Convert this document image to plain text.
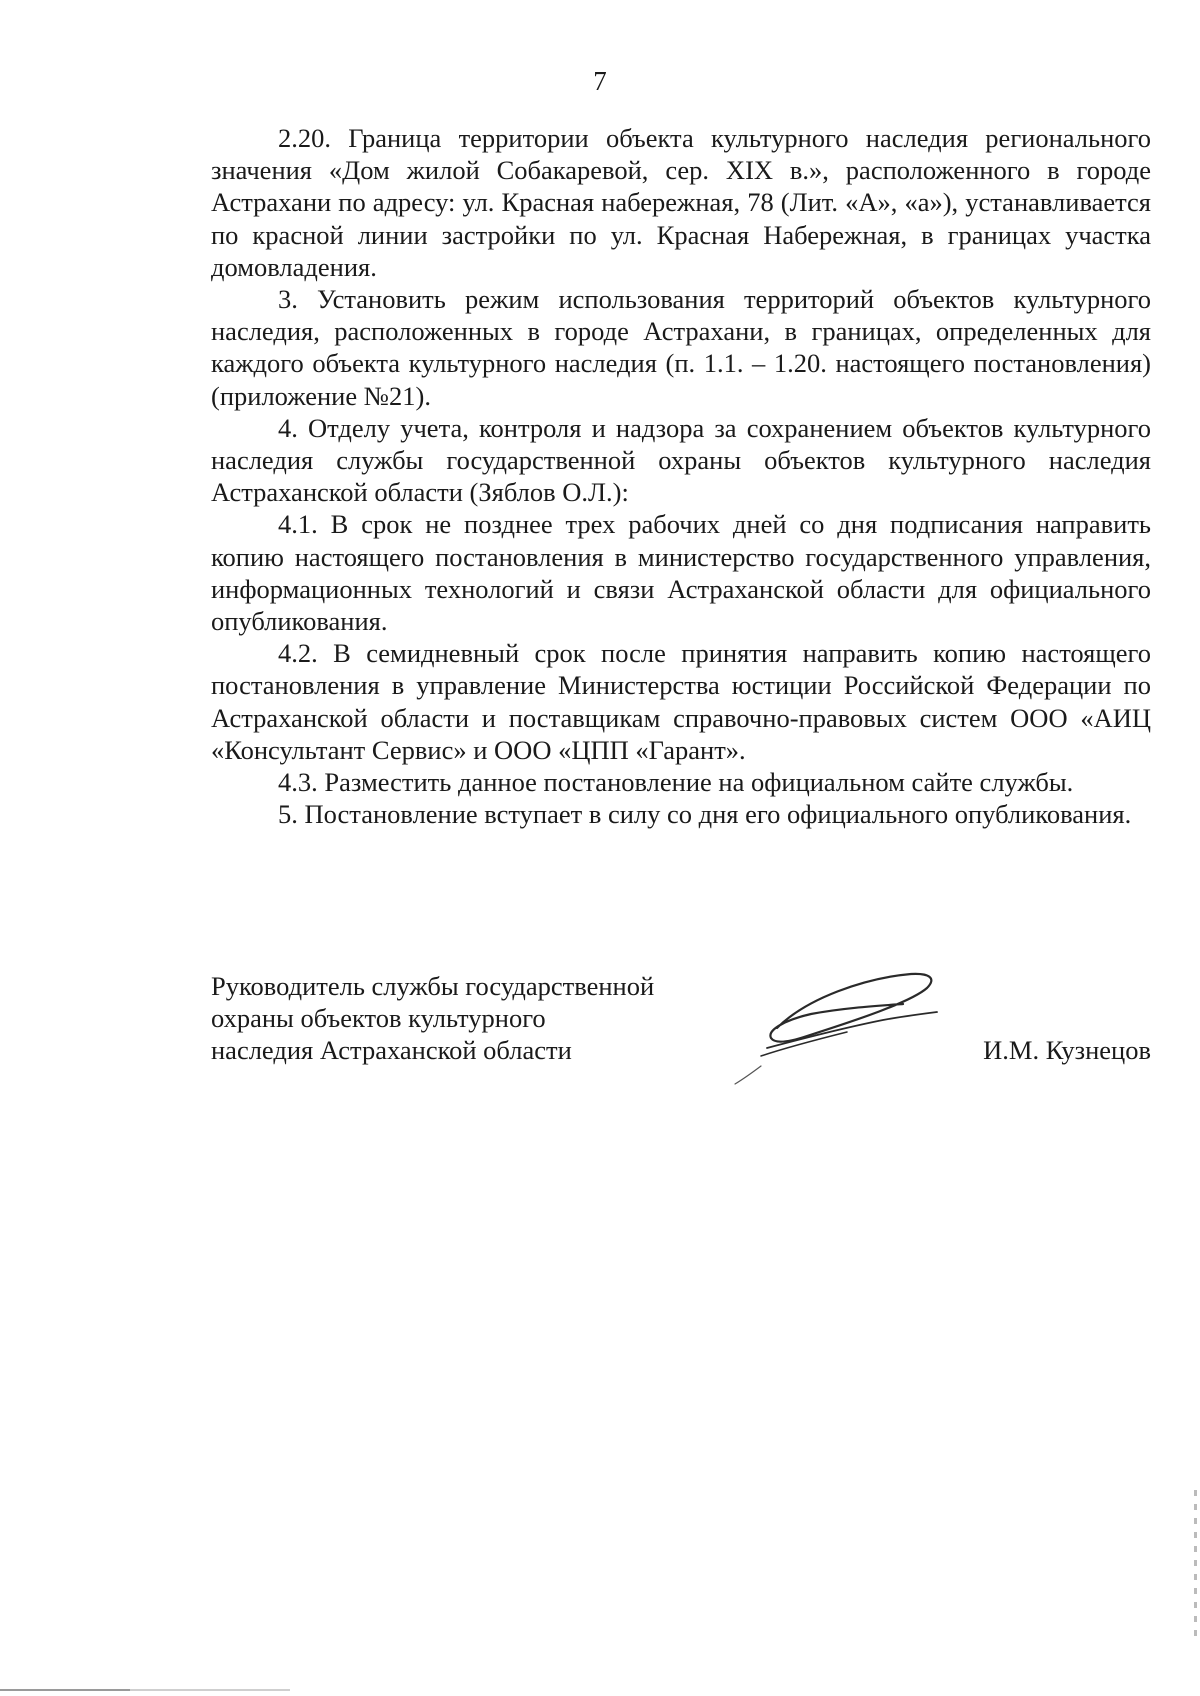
7

2.20. Граница территории объекта культурного наследия регионального значения «Дом жилой Собакаревой, сер. XIX в.», расположенного в городе Астрахани по адресу: ул. Красная набережная, 78 (Лит. «А», «а»), устанавливается по красной линии застройки по ул. Красная Набережная, в границах участка домовладения.

3. Установить режим использования территорий объектов культурного наследия, расположенных в городе Астрахани, в границах, определенных для каждого объекта культурного наследия (п. 1.1. – 1.20. настоящего постановления) (приложение №21).

4. Отделу учета, контроля и надзора за сохранением объектов культурного наследия службы государственной охраны объектов культурного наследия Астраханской области (Зяблов О.Л.):

4.1. В срок не позднее трех рабочих дней со дня подписания направить копию настоящего постановления в министерство государственного управления, информационных технологий и связи Астраханской области для официального опубликования.

4.2. В семидневный срок после принятия направить копию настоящего постановления в управление Министерства юстиции Российской Федерации по Астраханской области и поставщикам справочно-правовых систем ООО «АИЦ «Консультант Сервис» и ООО «ЦПП «Гарант».

4.3. Разместить данное постановление на официальном сайте службы.

5. Постановление вступает в силу со дня его официального опубликования.

Руководитель службы государственной
охраны объектов культурного
наследия Астраханской области	И.М. Кузнецов
